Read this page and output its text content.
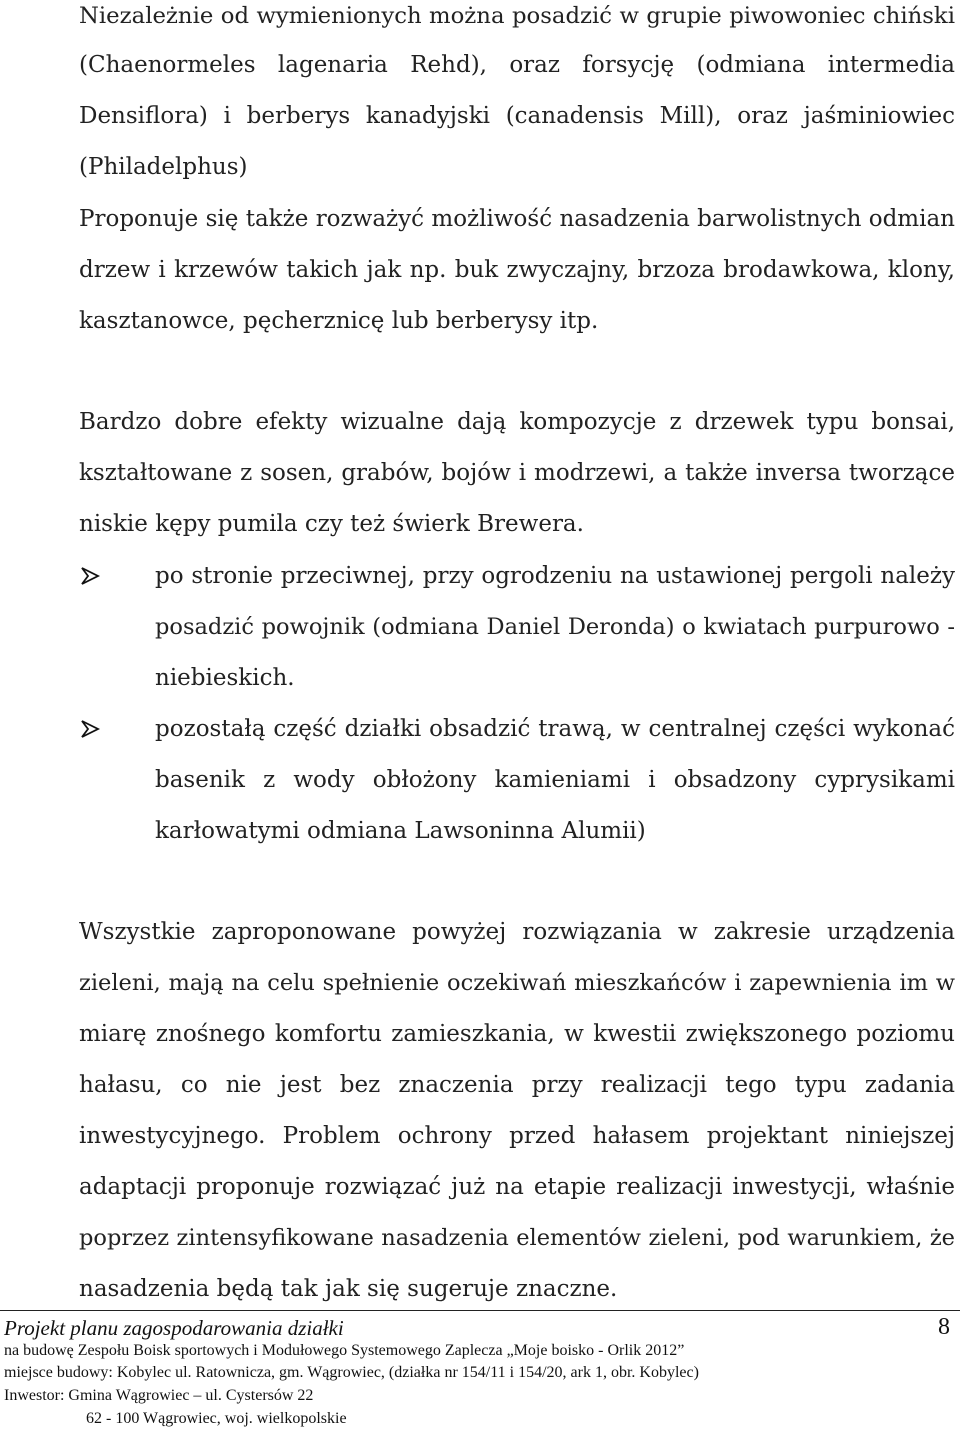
Niezależnie od wymienionych można posadzić w grupie piwowoniec chiński
(Chaenormeles lagenaria Rehd), oraz forsycję (odmiana intermedia
Densiflora) i berberys kanadyjski (canadensis Mill), oraz jaśminiowiec
(Philadelphus)
Proponuje się także rozważyć możliwość nasadzenia barwolistnych odmian
drzew i krzewów takich jak np. buk zwyczajny, brzoza brodawkowa, klony,
kasztanowce, pęcherznicę lub berberysy itp.
Bardzo dobre efekty wizualne dają kompozycje z drzewek typu bonsai,
kształtowane z sosen, grabów, bojów i modrzewi, a także inversa tworzące
niskie kępy pumila czy też świerk Brewera.
po stronie przeciwnej, przy ogrodzeniu na ustawionej pergoli należy
posadzić powojnik (odmiana Daniel Deronda) o kwiatach purpurowo -
niebieskich.
pozostałą część działki obsadzić trawą, w centralnej części wykonać
basenik z wody obłożony kamieniami i obsadzony cyprysikami
karłowatymi odmiana Lawsoninna Alumii)
Wszystkie zaproponowane powyżej rozwiązania w zakresie urządzenia
zieleni, mają na celu spełnienie oczekiwań mieszkańców i zapewnienia im w
miarę znośnego komfortu zamieszkania, w kwestii zwiększonego poziomu
hałasu, co nie jest bez znaczenia przy realizacji tego typu zadania
inwestycyjnego. Problem ochrony przed hałasem projektant niniejszej
adaptacji proponuje rozwiązać już na etapie realizacji inwestycji, właśnie
poprzez zintensyfikowane nasadzenia elementów zieleni, pod warunkiem, że
nasadzenia będą tak jak się sugeruje znaczne.
Projekt planu zagospodarowania działki	8
na budowę Zespołu Boisk sportowych i Modułowego Systemowego Zaplecza „Moje boisko - Orlik 2012”
miejsce budowy: Kobylec ul. Ratownicza, gm. Wągrowiec, (działka nr 154/11 i 154/20, ark 1, obr. Kobylec)
Inwestor: Gmina Wągrowiec – ul. Cystersów 22
62 - 100 Wągrowiec, woj. wielkopolskie
